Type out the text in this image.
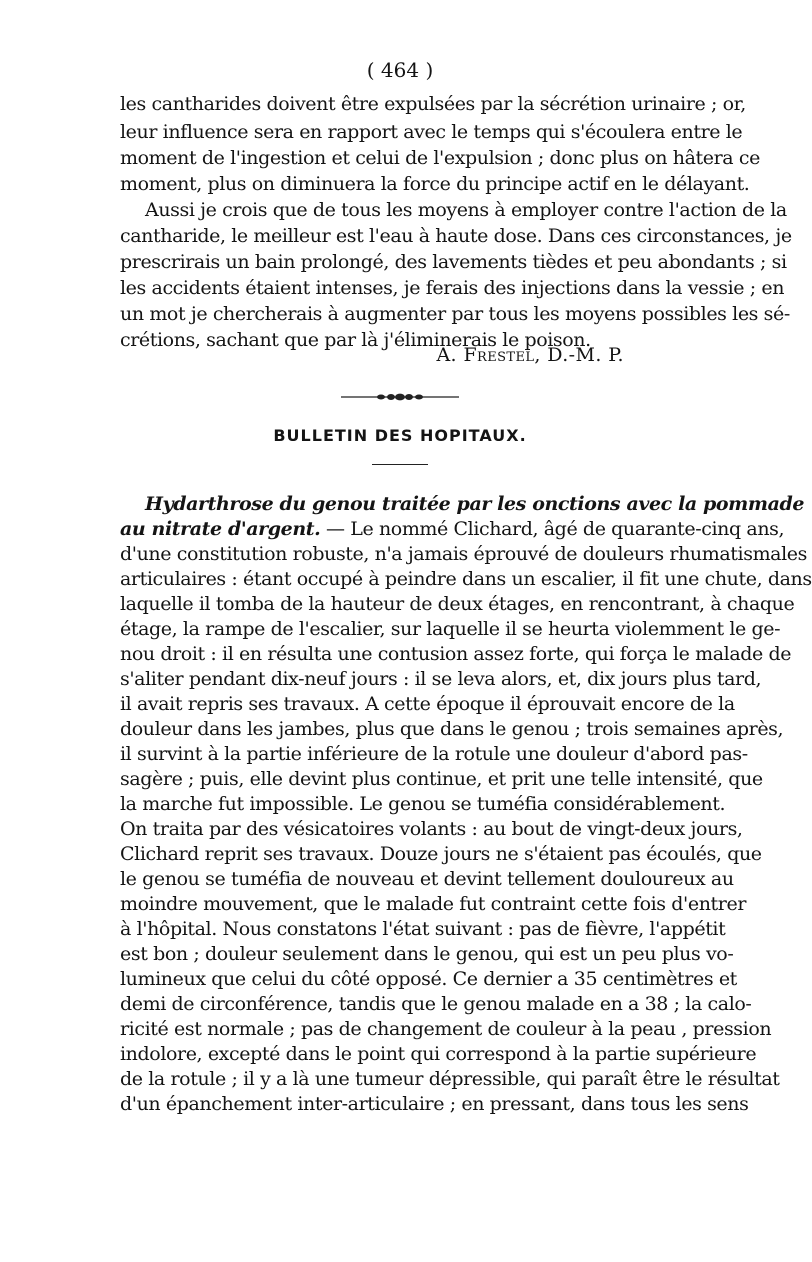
( 464 )
les cantharides doivent être expulsées par la sécrétion urinaire ; or,
leur influence sera en rapport avec le temps qui s'écoulera entre le
moment de l'ingestion et celui de l'expulsion ; donc plus on hâtera ce
moment, plus on diminuera la force du principe actif en le délayant.
Aussi je crois que de tous les moyens à employer contre l'action de la
cantharide, le meilleur est l'eau à haute dose. Dans ces circonstances, je
prescrirais un bain prolongé, des lavements tièdes et peu abondants ; si
les accidents étaient intenses, je ferais des injections dans la vessie ; en
un mot je chercherais à augmenter par tous les moyens possibles les sé-
crétions, sachant que par là j'éliminerais le poison.
A. Frestel, D.-M. P.
BULLETIN DES HOPITAUX.
Hydarthrose du genou traitée par les onctions avec la pommade
au nitrate d'argent. — Le nommé Clichard, âgé de quarante-cinq ans,
d'une constitution robuste, n'a jamais éprouvé de douleurs rhumatismales
articulaires : étant occupé à peindre dans un escalier, il fit une chute, dans
laquelle il tomba de la hauteur de deux étages, en rencontrant, à chaque
étage, la rampe de l'escalier, sur laquelle il se heurta violemment le ge-
nou droit : il en résulta une contusion assez forte, qui força le malade de
s'aliter pendant dix-neuf jours : il se leva alors, et, dix jours plus tard,
il avait repris ses travaux. A cette époque il éprouvait encore de la
douleur dans les jambes, plus que dans le genou ; trois semaines après,
il survint à la partie inférieure de la rotule une douleur d'abord pas-
sagère ; puis, elle devint plus continue, et prit une telle intensité, que
la marche fut impossible. Le genou se tuméfia considérablement.
On traita par des vésicatoires volants : au bout de vingt-deux jours,
Clichard reprit ses travaux. Douze jours ne s'étaient pas écoulés, que
le genou se tuméfia de nouveau et devint tellement douloureux au
moindre mouvement, que le malade fut contraint cette fois d'entrer
à l'hôpital. Nous constatons l'état suivant : pas de fièvre, l'appétit
est bon ; douleur seulement dans le genou, qui est un peu plus vo-
lumineux que celui du côté opposé. Ce dernier a 35 centimètres et
demi de circonférence, tandis que le genou malade en a 38 ; la calo-
ricité est normale ; pas de changement de couleur à la peau , pression
indolore, excepté dans le point qui correspond à la partie supérieure
de la rotule ; il y a là une tumeur dépressible, qui paraît être le résultat
d'un épanchement inter-articulaire ; en pressant, dans tous les sens
